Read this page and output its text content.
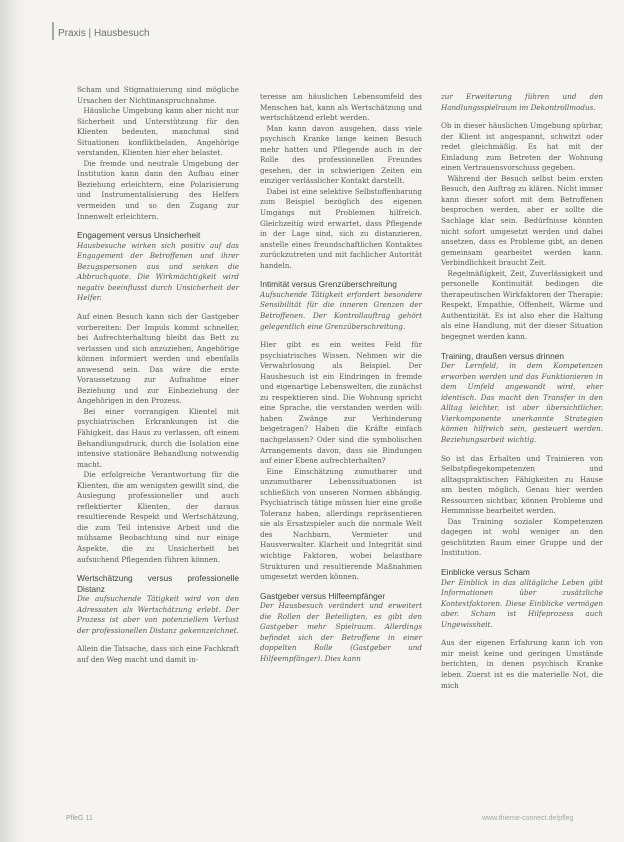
Praxis | Hausbesuch

Scham und Stigmatisierung sind mögliche Ursachen der Nichtinanspruchnahme.

Häusliche Umgebung kann aber nicht nur Sicherheit und Unterstützung für den Klienten bedeuten, manchmal sind Situationen konfliktbeladen, Angehörige verstanden, Klienten hier eher belastet.

Die fremde und neutrale Umgebung der Institution kann dann den Aufbau einer Beziehung erleichtern, eine Polarisierung und Instrumentalisierung des Helfers vermeiden und so den Zugang zur Innenwelt erleichtern.

Engagement versus Unsicherheit

Hausbesuche wirken sich positiv auf das Engagement der Betroffenen und ihrer Bezugspersonen aus und senken die Abbruchquote. Die Wirkmächtigkeit wird negativ beeinflusst durch Unsicherheit der Helfer.

Auf einen Besuch kann sich der Gastgeber vorbereiten: Der Impuls kommt schneller, bei Aufrechterhaltung bleibt das Bett zu verlassen und sich anzuziehen, Angehörige können informiert werden und ebenfalls anwesend sein. Das wäre die erste Voraussetzung zur Aufnahme einer Beziehung und zur Einbeziehung der Angehörigen in den Prozess.

Bei einer vorrangigen Klientel mit psychiatrischen Erkrankungen ist die Fähigkeit, das Haus zu verlassen, oft einem Behandlungsdruck, durch die Isolation eine intensive stationäre Behandlung notwendig macht.

Die erfolgreiche Verantwortung für die Klienten, die am wenigsten gewillt sind, die Auslegung professioneller und auch reflektierter Klienten, der daraus resultierende Respekt und Wertschätzung, die zum Teil intensive Arbeit und die mühsame Beobachtung sind nur einige Aspekte, die zu Unsicherheit bei aufsuchend Pflegenden führen können.

Wertschätzung versus professionelle Distanz

Die aufsuchende Tätigkeit wird von den Adressaten als Wertschätzung erlebt. Der Prozess ist aber von potenziellem Verlust der professionellen Distanz gekennzeichnet.

Allein die Tatsache, dass sich eine Fachkraft auf den Weg macht und damit in-

teresse am häuslichen Lebensumfeld des Menschen hat, kann als Wertschätzung und wertschätzend erlebt werden.

Man kann davon ausgehen, dass viele psychisch Kranke lange keinen Besuch mehr hatten und Pflegende auch in der Rolle des professionellen Freundes gesehen, der in schwierigen Zeiten ein einziger verlässlicher Kontakt darstellt.

Dabei ist eine selektive Selbstoffenbarung zum Beispiel bezüglich des eigenen Umgangs mit Problemen hilfreich. Gleichzeitig wird erwartet, dass Pflegende in der Lage sind, sich zu distanzieren, anstelle eines freundschaftlichen Kontaktes zurückzutreten und mit fachlicher Autorität handeln.

Intimität versus Grenzüberschreitung

Aufsuchende Tätigkeit erfordert besondere Sensibilität für die inneren Grenzen der Betroffenen. Der Kontrollauftrag gehört gelegentlich eine Grenzüberschreitung.

Hier gibt es ein weites Feld für psychiatrisches Wissen. Nehmen wir die Verwahrlosung als Beispiel. Der Hausbesuch ist ein Eindringen in fremde und eigenartige Lebenswelten, die zunächst zu respektieren sind. Die Wohnung spricht eine Sprache, die verstanden werden will: haben Zwänge zur Verhinderung beigetragen? Haben die Kräfte einfach nachgelassen? Oder sind die symbolischen Arrangements davon, dass sie Bindungen auf einer Ebene aufrechterhalten?

Eine Einschätzung zumutbarer und unzumutbarer Lebenssituationen ist schließlich von unseren Normen abhängig. Psychiatrisch tätige müssen hier eine große Toleranz haben, allerdings repräsentieren sie als Ersatzspieler auch die normale Welt des Nachbarn, Vermieter und Hausverwalter. Klarheit und Integrität sind wichtige Faktoren, wobei belastbare Strukturen und resultierende Maßnahmen umgesetzt werden können.

Gastgeber versus Hilfeempfänger

Der Hausbesuch verändert und erweitert die Rollen der Beteiligten, es gibt den Gastgeber mehr Spielraum. Allerdings befindet sich der Betroffene in einer doppelten Rolle (Gastgeber und Hilfeempfänger). Dies kann

zur Erweiterung führen und den Handlungsspielraum im Dekontrollmodus.

Ob in dieser häuslichen Umgebung spürbar, der Klient ist angespannt, schwitzt oder redet gleichmäßig. Es hat mit der Einladung zum Betreten der Wohnung einen Vertrauensvorschuss gegeben.

Während der Besuch selbst beim ersten Besuch, den Auftrag zu klären. Nicht immer kann dieser sofort mit dem Betroffenen besprochen werden, aber er sollte die Sachlage klar sein. Bedürfnisse könnten nicht sofort umgesetzt werden und dabei ansetzen, dass es Probleme gibt, an denen gemeinsam gearbeitet werden kann. Verbindlichkeit braucht Zeit.

Regelmäßigkeit, Zeit, Zuverlässigkeit und personelle Kontinuität bedingen die therapeutischen Wirkfaktoren der Therapie: Respekt, Empathie, Offenheit, Wärme und Authentizität. Es ist also eher die Haltung als eine Handlung, mit der dieser Situation begegnet werden kann.

Training, draußen versus drinnen

Der Lernfeld, in dem Kompetenzen erworben werden und das Funktionieren in dem Umfeld angewandt wird, eher identisch. Das macht den Transfer in den Alltag leichter, ist aber übersichtlicher. Vierkomponente unerkannte Strategien können hilfreich sein, gesteuert werden. Beziehungsarbeit wichtig.

So ist das Erhalten und Trainieren von Selbstpflegekompetenzen und alltagspraktischen Fähigkeiten zu Hause am besten möglich. Genau hier werden Ressourcen sichtbar, können Probleme und Hemmnisse bearbeitet werden.

Das Training sozialer Kompetenzen dagegen ist wohl weniger an den geschützten Raum einer Gruppe und der Institution.

Einblicke versus Scham

Der Einblick in das alltägliche Leben gibt Informationen über zusätzliche Kontextfaktoren. Diese Einblicke vermögen aber. Scham ist Hilfeprozess auch Ungewissheit.

Aus der eigenen Erfahrung kann ich von mir meist keine und geringen Umstände berichten, in denen psychisch Kranke leben. Zuerst ist es die materielle Not, die mich

PfleG 11	www.thieme-connect.de/pfleg
